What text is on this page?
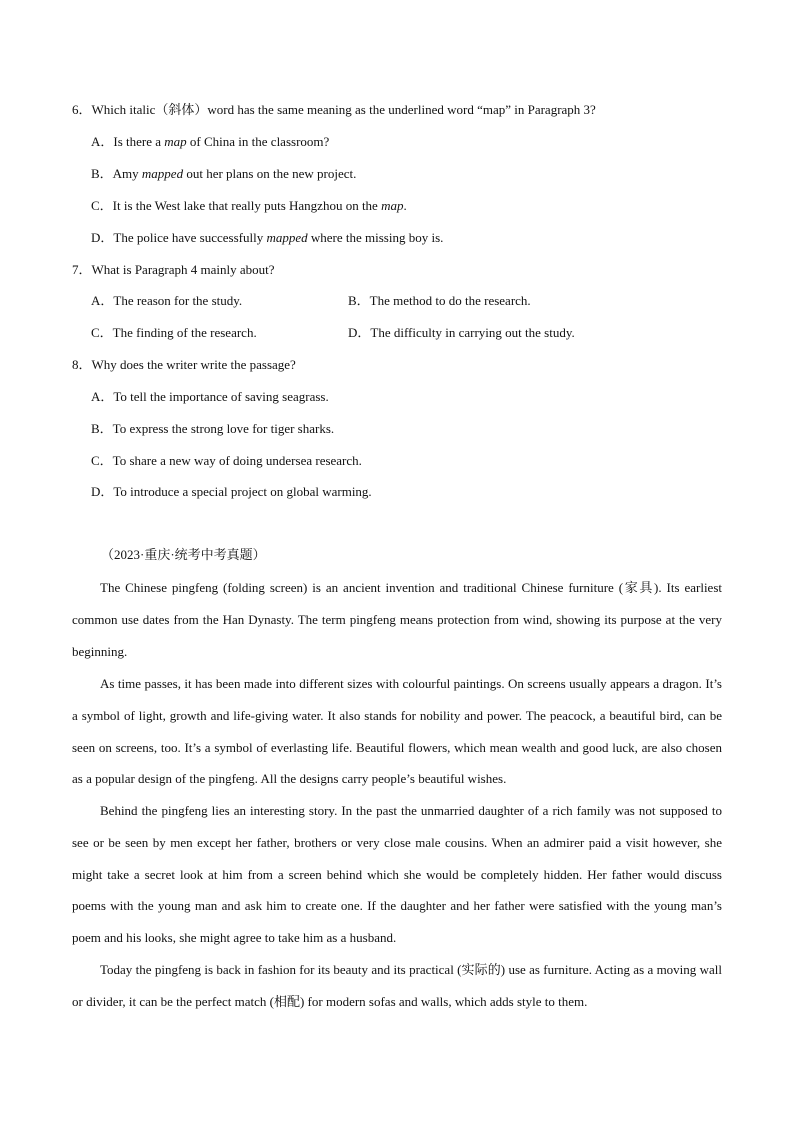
6．Which italic（斜体）word has the same meaning as the underlined word “map” in Paragraph 3?
A．Is there a map of China in the classroom?
B．Amy mapped out her plans on the new project.
C．It is the West lake that really puts Hangzhou on the map.
D．The police have successfully mapped where the missing boy is.
7．What is Paragraph 4 mainly about?
A．The reason for the study.	B．The method to do the research.
C．The finding of the research.	D．The difficulty in carrying out the study.
8．Why does the writer write the passage?
A．To tell the importance of saving seagrass.
B．To express the strong love for tiger sharks.
C．To share a new way of doing undersea research.
D．To introduce a special project on global warming.
（2023·重庆·统考中考真题）
The Chinese pingfeng (folding screen) is an ancient invention and traditional Chinese furniture (家具). Its earliest common use dates from the Han Dynasty. The term pingfeng means protection from wind, showing its purpose at the very beginning.
As time passes, it has been made into different sizes with colourful paintings. On screens usually appears a dragon. It’s a symbol of light, growth and life-giving water. It also stands for nobility and power. The peacock, a beautiful bird, can be seen on screens, too. It’s a symbol of everlasting life. Beautiful flowers, which mean wealth and good luck, are also chosen as a popular design of the pingfeng. All the designs carry people’s beautiful wishes.
Behind the pingfeng lies an interesting story. In the past the unmarried daughter of a rich family was not supposed to see or be seen by men except her father, brothers or very close male cousins. When an admirer paid a visit however, she might take a secret look at him from a screen behind which she would be completely hidden. Her father would discuss poems with the young man and ask him to create one. If the daughter and her father were satisfied with the young man’s poem and his looks, she might agree to take him as a husband.
Today the pingfeng is back in fashion for its beauty and its practical (实际的) use as furniture. Acting as a moving wall or divider, it can be the perfect match (相配) for modern sofas and walls, which adds style to them.
